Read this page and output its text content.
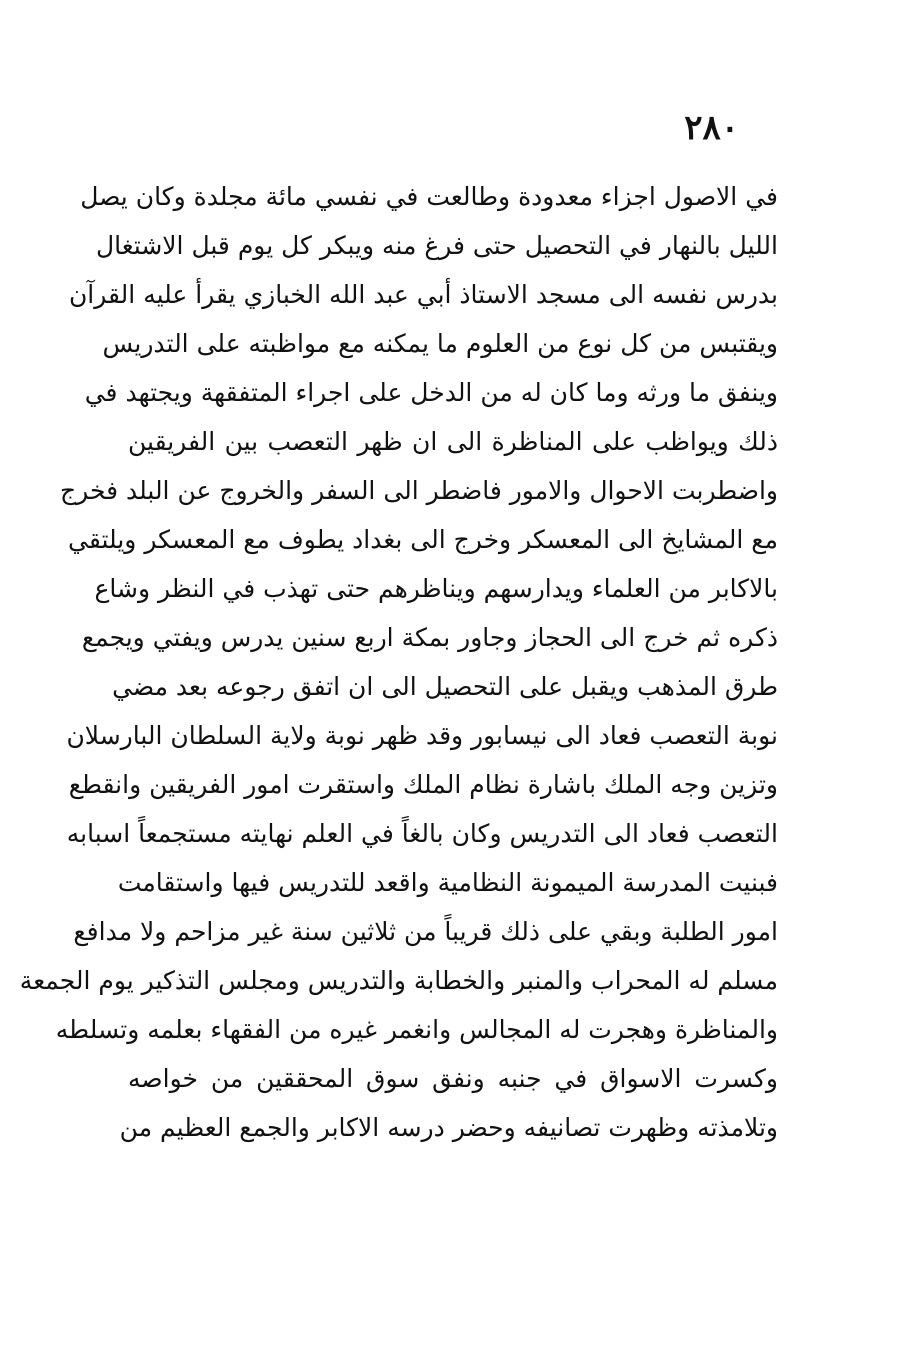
٢٨٠
في الاصول اجزاء معدودة وطالعت في نفسي مائة مجلدة وكان يصل
الليل بالنهار في التحصيل حتى فرغ منه ويبكر كل يوم قبل الاشتغال
بدرس نفسه الى مسجد الاستاذ أبي عبد الله الخبازي يقرأ عليه القرآن
ويقتبس من كل نوع من العلوم ما يمكنه مع مواظبته على التدريس
وينفق ما ورثه وما كان له من الدخل على اجراء المتفقهة ويجتهد في
ذلك ويواظب على المناظرة الى ان ظهر التعصب بين الفريقين
واضطربت الاحوال والامور فاضطر الى السفر والخروج عن البلد فخرج
مع المشايخ الى المعسكر وخرج الى بغداد يطوف مع المعسكر ويلتقي
بالاكابر من العلماء ويدارسهم ويناظرهم حتى تهذب في النظر وشاع
ذكره ثم خرج الى الحجاز وجاور بمكة اربع سنين يدرس ويفتي ويجمع
طرق المذهب ويقبل على التحصيل الى ان اتفق رجوعه بعد مضي
نوبة التعصب فعاد الى نيسابور وقد ظهر نوبة ولاية السلطان البارسلان
وتزين وجه الملك باشارة نظام الملك واستقرت امور الفريقين وانقطع
التعصب فعاد الى التدريس وكان بالغاً في العلم نهايته مستجمعاً اسبابه
فبنيت المدرسة الميمونة النظامية واقعد للتدريس فيها واستقامت
امور الطلبة وبقي على ذلك قريباً من ثلاثين سنة غير مزاحم ولا مدافع
مسلم له المحراب والمنبر والخطابة والتدريس ومجلس التذكير يوم الجمعة
والمناظرة وهجرت له المجالس وانغمر غيره من الفقهاء بعلمه وتسلطه
وكسرت الاسواق في جنبه ونفق سوق المحققين من خواصه
وتلامذته وظهرت تصانيفه وحضر درسه الاكابر والجمع العظيم من
